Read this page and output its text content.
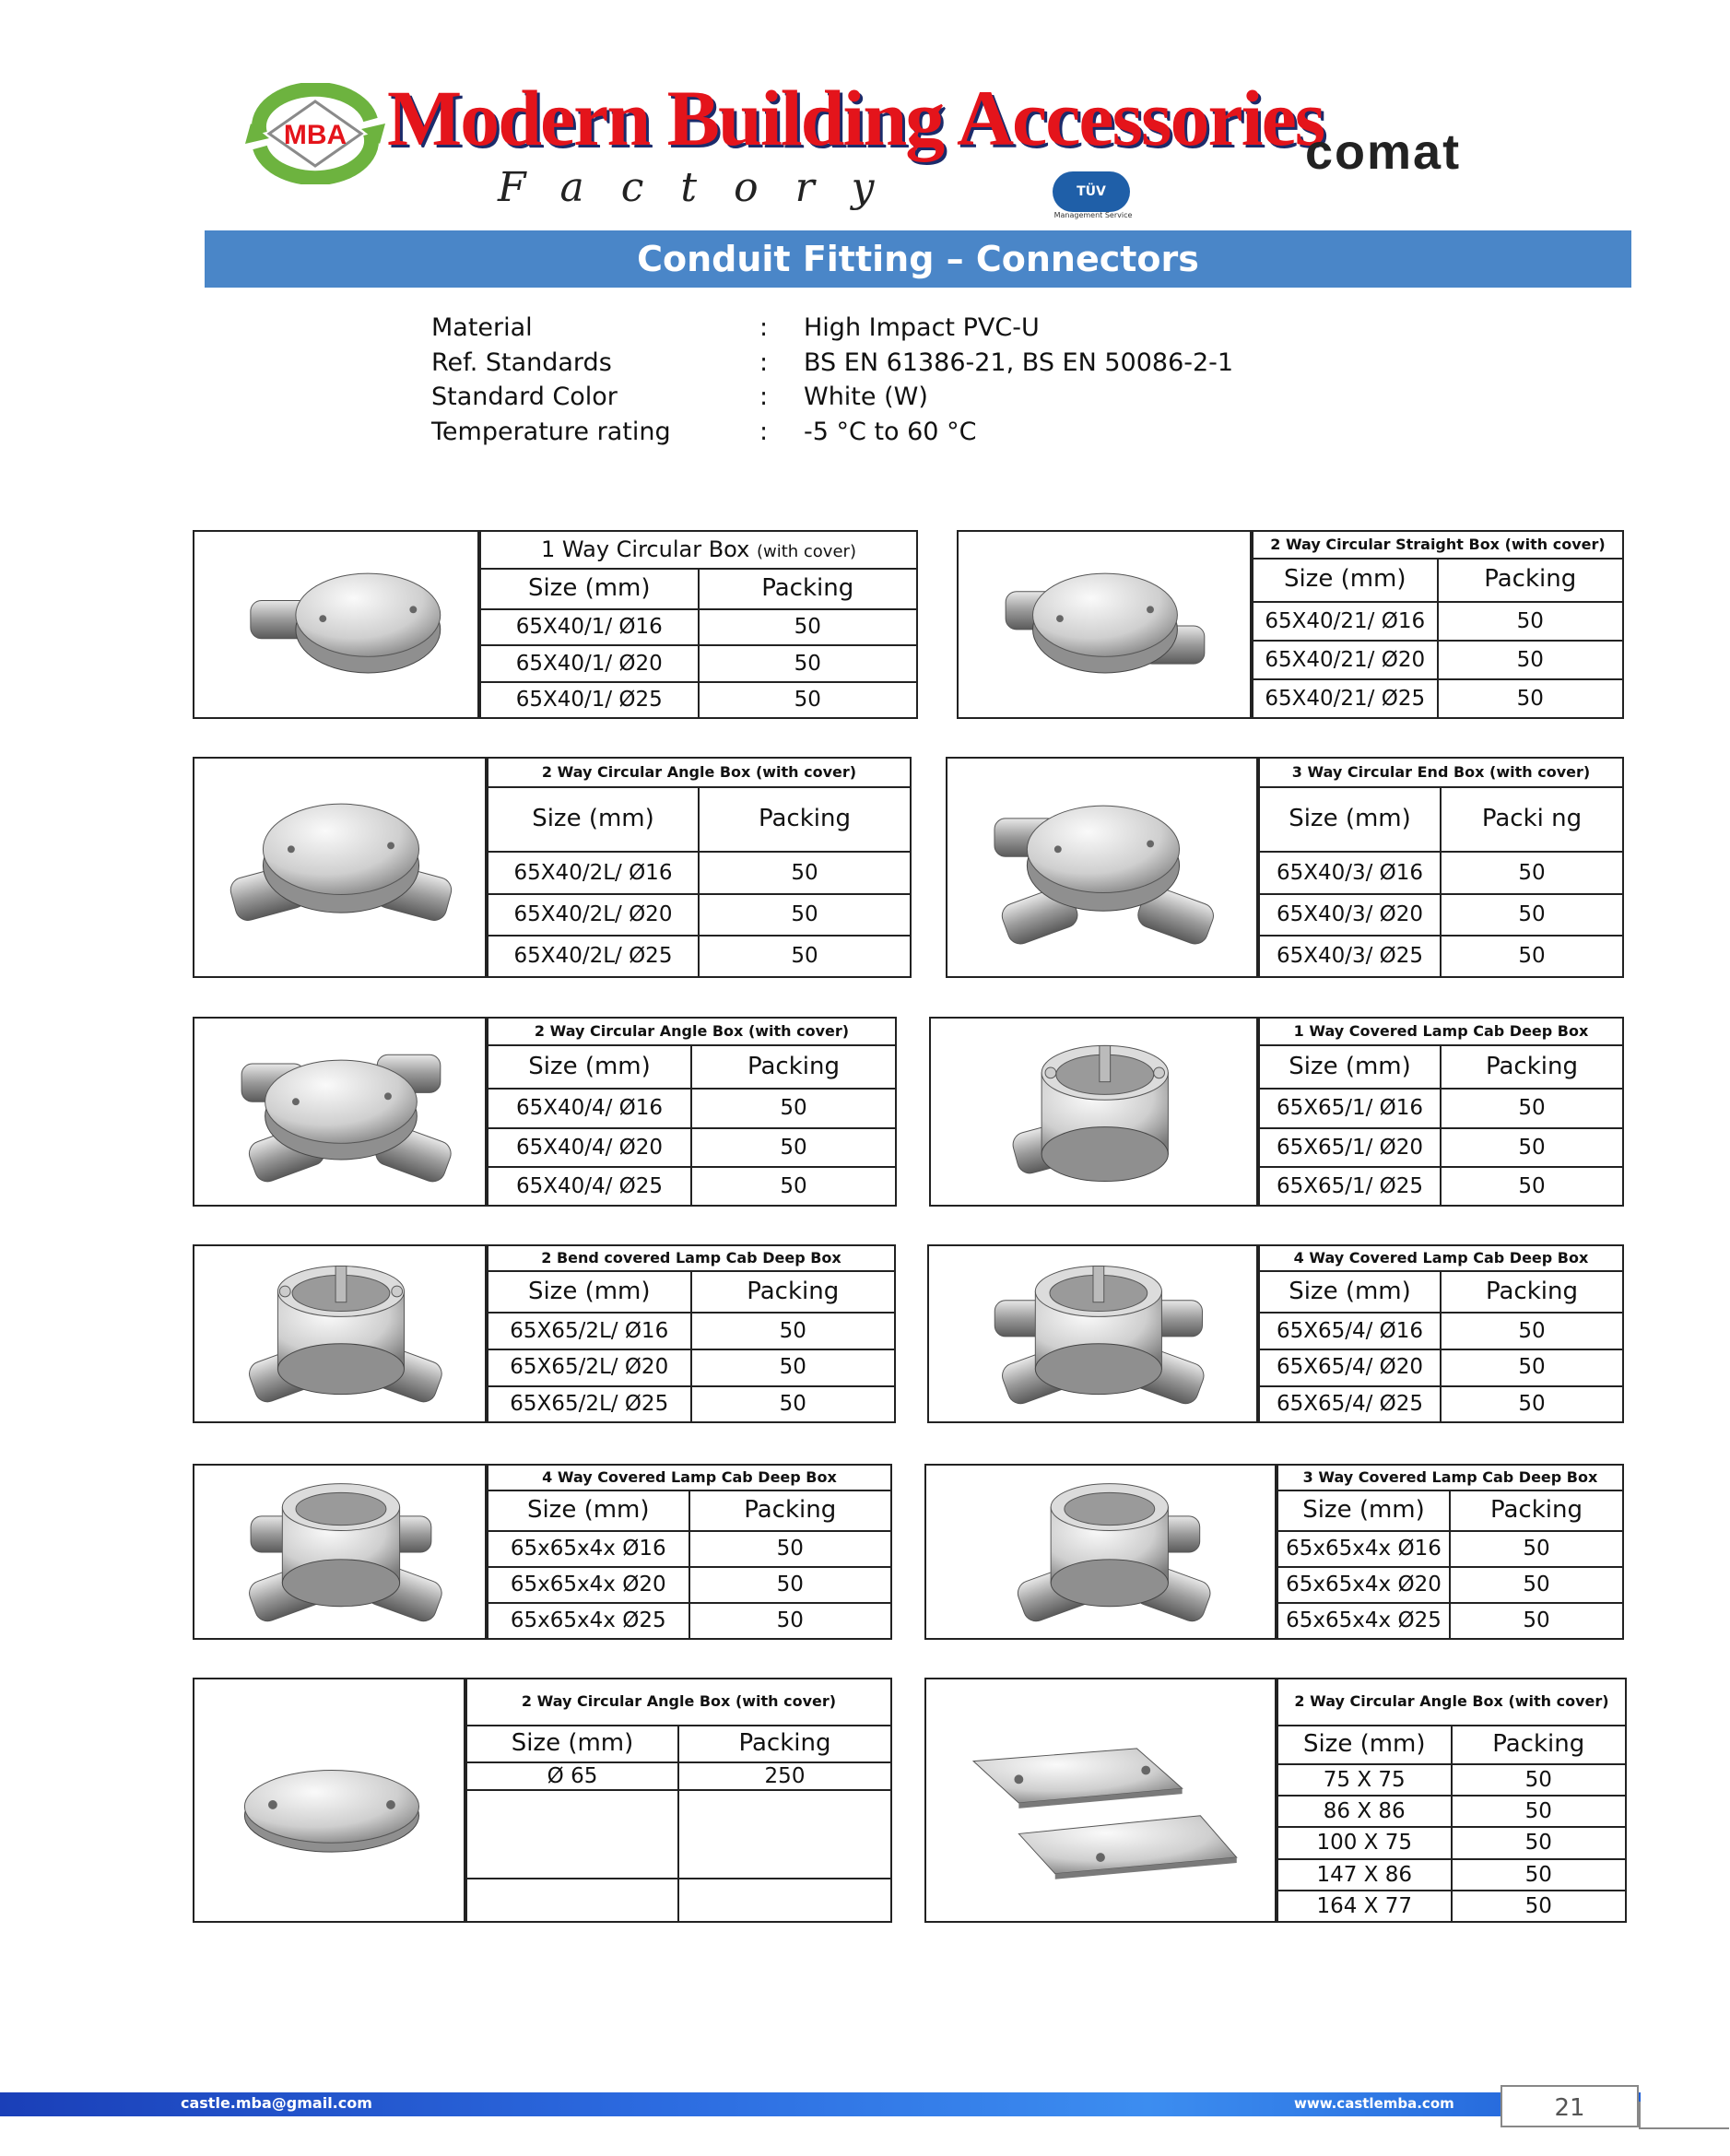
MBA Modern Building Accessories
Factory	TÜV
Management Service
comat
Conduit Fitting – Connectors
Material	: High Impact PVC-U
Ref. Standards	: BS EN 61386-21, BS EN 50086-2-1
Standard Color	: White (W)
Temperature rating	: -5 °C to 60 °C
1 Way Circular Box (with cover)	
Size (mm)	Packing
65X40/1/ Ø16	50
65X40/1/ Ø20	50
65X40/1/ Ø25	50
2 Way Circular Straight Box (with cover)	
Size (mm)	Packing
65X40/21/ Ø16	50
65X40/21/ Ø20	50
65X40/21/ Ø25	50
2 Way Circular Angle Box (with cover)	
Size (mm)	Packing
65X40/2L/ Ø16	50
65X40/2L/ Ø20	50
65X40/2L/ Ø25	50
3 Way Circular End Box (with cover)	
Size (mm)	Packi ng
65X40/3/ Ø16	50
65X40/3/ Ø20	50
65X40/3/ Ø25	50
2 Way Circular Angle Box (with cover)	
Size (mm)	Packing
65X40/4/ Ø16	50
65X40/4/ Ø20	50
65X40/4/ Ø25	50
1 Way Covered Lamp Cab Deep Box	
Size (mm)	Packing
65X65/1/ Ø16	50
65X65/1/ Ø20	50
65X65/1/ Ø25	50
2 Bend covered Lamp Cab Deep Box	
Size (mm)	Packing
65X65/2L/ Ø16	50
65X65/2L/ Ø20	50
65X65/2L/ Ø25	50
4 Way Covered Lamp Cab Deep Box	
Size (mm)	Packing
65X65/4/ Ø16	50
65X65/4/ Ø20	50
65X65/4/ Ø25	50
4 Way Covered Lamp Cab Deep Box	
Size (mm)	Packing
65x65x4x Ø16	50
65x65x4x Ø20	50
65x65x4x Ø25	50
3 Way Covered Lamp Cab Deep Box	
Size (mm)	Packing
65x65x4x Ø16	50
65x65x4x Ø20	50
65x65x4x Ø25	50
2 Way Circular Angle Box (with cover)	
Size (mm)	Packing
Ø 65	250

2 Way Circular Angle Box (with cover)	
Size (mm)	Packing
75 X 75	50
86 X 86	50
100 X 75	50
147 X 86	50
164 X 77	50
castle.mba@gmail.com	www.castlemba.com	21
